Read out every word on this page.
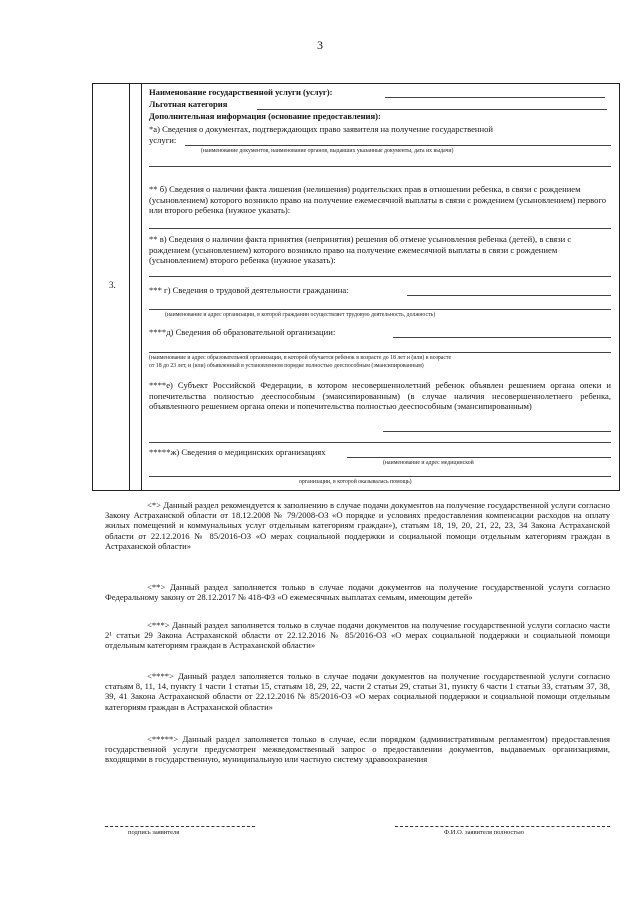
3
3.
Наименование государственной услуги (услуг):
Льготная категория
Дополнительная информация (основание предоставления):
*а) Сведения о документах, подтверждающих право заявителя на получение государственной
услуги:
(наименование документов, наименование органов, выдавших указанные документы, дата их выдачи)
** б) Сведения о наличии факта лишения (нелишения) родительских прав в отношении ребенка, в связи с рождением (усыновлением) которого возникло право на получение ежемесячной выплаты в связи с рождением (усыновлением) первого или второго ребенка (нужное указать):
** в) Сведения о наличии факта принятия (непринятия) решения об отмене усыновления ребенка (детей), в связи с рождением (усыновлением) которого возникло право на получение ежемесячной выплаты в связи с рождением (усыновлением) второго ребенка (нужное указать):
*** г) Сведения о трудовой деятельности гражданина:
(наименование и адрес организации, в которой гражданин осуществляет трудовую деятельность, должность)
****д) Сведения об образовательной организации:
(наименование и адрес образовательной организации, в которой обучается ребенок в возрасте до 18 лет и (или) в возрасте
от 18 до 23 лет, и (или) объявленный в установленном порядке полностью дееспособным (эмансипированным)
****е) Субъект Российской Федерации, в котором несовершеннолетний ребенок объявлен решением органа опеки и попечительства полностью дееспособным (эмансипированным) (в случае наличия несовершеннолетнего ребенка, объявленного решением органа опеки и попечительства полностью дееспособным (эмансипированным)
*****ж) Сведения о медицинских организациях
(наименование и адрес медицинской
организации, в которой оказывалась помощь)
<*> Данный раздел рекомендуется к заполнению в случае подачи документов на получение государственной услуги согласно Закону Астраханской области от 18.12.2008 № 79/2008-ОЗ «О порядке и условиях предоставления компенсации расходов на оплату жилых помещений и коммунальных услуг отдельным категориям граждан»), статьям 18, 19, 20, 21, 22, 23, 34 Закона Астраханской области от 22.12.2016 № 85/2016-ОЗ «О мерах социальной поддержки и социальной помощи отдельным категориям граждан в Астраханской области»
<**> Данный раздел заполняется только в случае подачи документов на получение государственной услуги согласно Федеральному закону от 28.12.2017 № 418-ФЗ «О ежемесячных выплатах семьям, имеющим детей»
<***> Данный раздел заполняется только в случае подачи документов на получение государственной услуги согласно части 2¹ статьи 29 Закона Астраханской области от 22.12.2016 № 85/2016-ОЗ «О мерах социальной поддержки и социальной помощи отдельным категориям граждан в Астраханской области»
<****> Данный раздел заполняется только в случае подачи документов на получение государственной услуги согласно статьям 8, 11, 14, пункту 1 части 1 статьи 15, статьям 18, 29, 22, части 2 статьи 29, статьи 31, пункту 6 части 1 статьи 33, статьям 37, 38, 39, 41 Закона Астраханской области от 22.12.2016 № 85/2016-ОЗ «О мерах социальной поддержки и социальной помощи отдельным категориям граждан в Астраханской области»
<*****> Данный раздел заполняется только в случае, если порядком (административным регламентом) предоставления государственной услуги предусмотрен межведомственный запрос о предоставлении документов, выдаваемых организациями, входящими в государственную, муниципальную или частную систему здравоохранения
подпись заявителя	Ф.И.О. заявителя полностью
